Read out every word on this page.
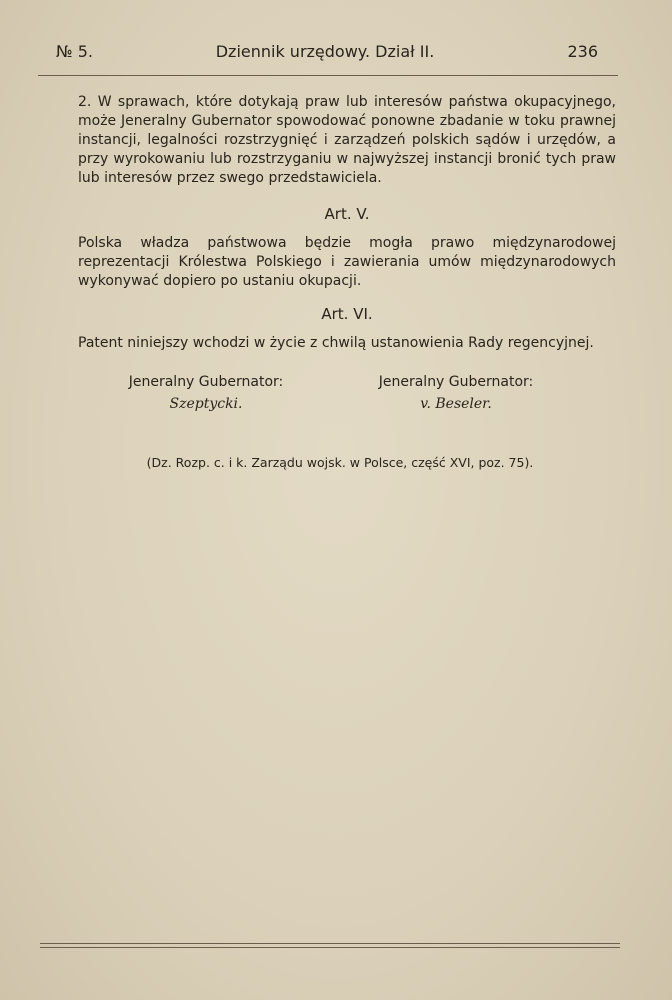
№ 5.	Dziennik urzędowy. Dział II.	236

2. W sprawach, które dotykają praw lub interesów państwa okupacyjnego, może Jeneralny Gubernator spowodować ponowne zbadanie w toku prawnej instancji, legalności rozstrzygnięć i zarządzeń polskich sądów i urzędów, a przy wyrokowaniu lub rozstrzyganiu w najwyższej instancji bronić tych praw lub interesów przez swego przedstawiciela.

Art. V.

Polska władza państwowa będzie mogła prawo międzynarodowej reprezentacji Królestwa Polskiego i zawierania umów międzynarodowych wykonywać dopiero po ustaniu okupacji.

Art. VI.

Patent niniejszy wchodzi w życie z chwilą ustanowienia Rady regencyjnej.

Jeneralny Gubernator:
Szeptycki.
Jeneralny Gubernator:
v. Beseler.
(Dz. Rozp. c. i k. Zarządu wojsk. w Polsce, część XVI, poz. 75).
